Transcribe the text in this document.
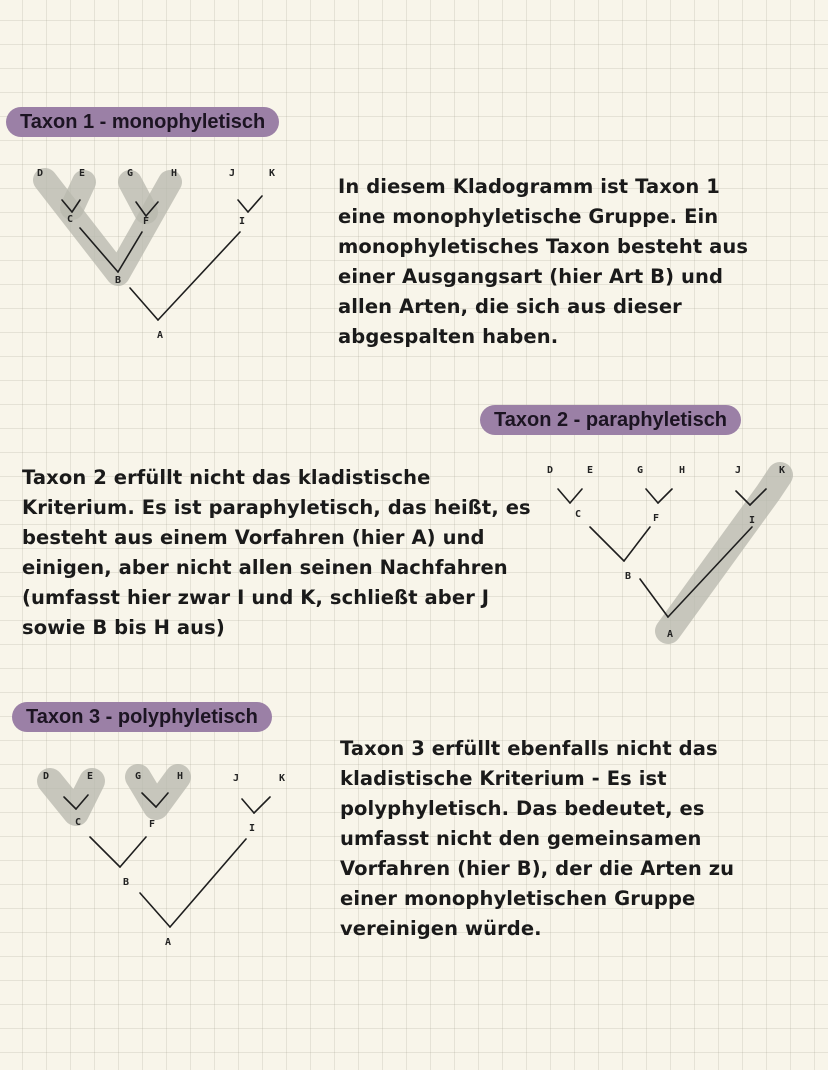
Taxon 1 - monophyletisch
D	E	G	H	J	K
C	F	I
B
A

In diesem Kladogramm ist Taxon 1 eine monophyletische Gruppe. Ein monophyletisches Taxon besteht aus einer Ausgangsart (hier Art B) und allen Arten, die sich aus dieser abgespalten haben.

Taxon 2 - paraphyletisch

Taxon 2 erfüllt nicht das kladistische Kriterium. Es ist paraphyletisch, das heißt, es besteht aus einem Vorfahren (hier A) und einigen, aber nicht allen seinen Nachfahren (umfasst hier zwar I und K, schließt aber J sowie B bis H aus)

D	E	G	H	J	K
C	F	I
B
A
Taxon 3 - polyphyletisch
D	E	G	H	J	K
C	F	I
B
A

Taxon 3 erfüllt ebenfalls nicht das kladistische Kriterium - Es ist polyphyletisch. Das bedeutet, es umfasst nicht den gemeinsamen Vorfahren (hier B), der die Arten zu einer monophyletischen Gruppe vereinigen würde.
